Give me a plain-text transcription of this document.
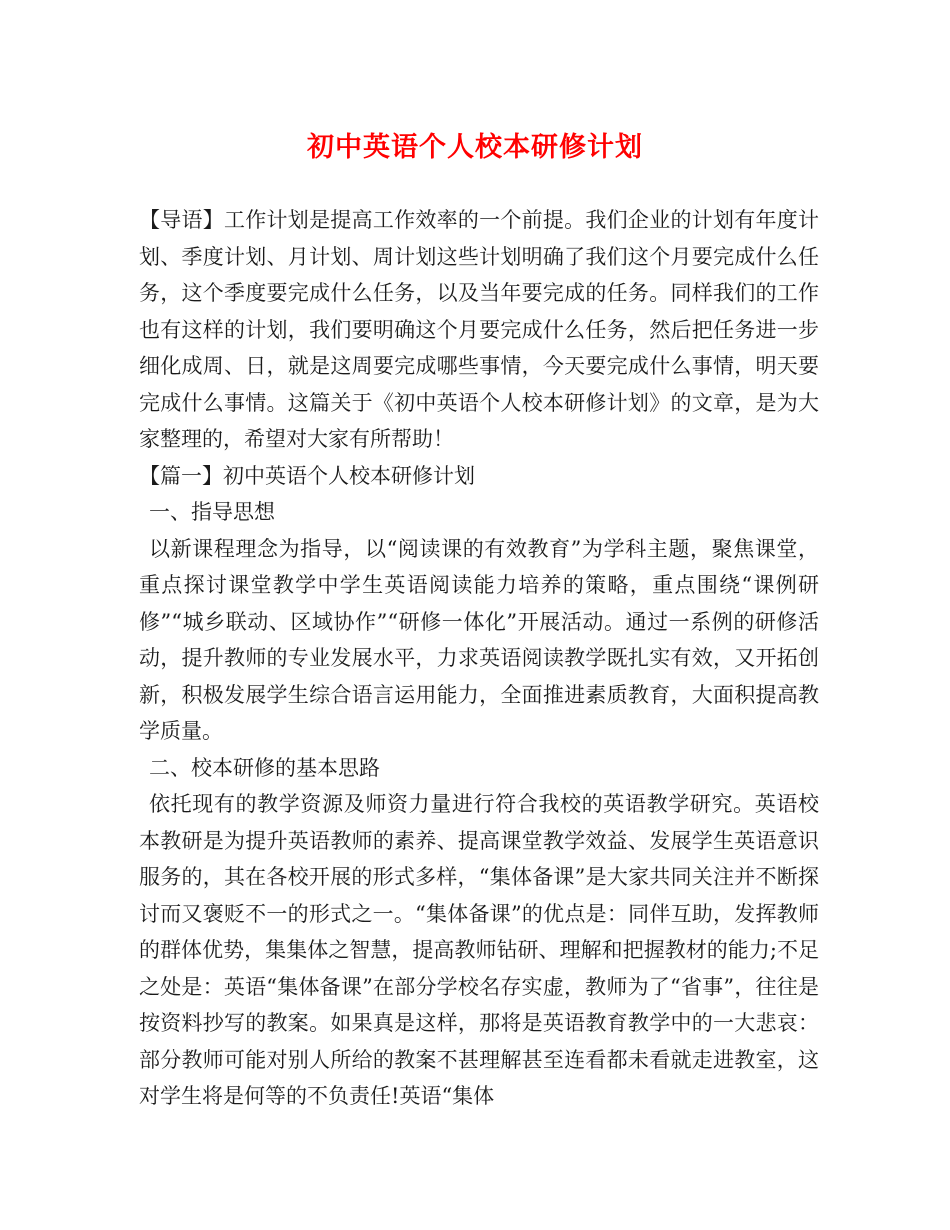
初中英语个人校本研修计划

【导语】工作计划是提高工作效率的一个前提。我们企业的计划有年度计划、季度计划、月计划、周计划这些计划明确了我们这个月要完成什么任务，这个季度要完成什么任务，以及当年要完成的任务。同样我们的工作也有这样的计划，我们要明确这个月要完成什么任务，然后把任务进一步细化成周、日，就是这周要完成哪些事情，今天要完成什么事情，明天要完成什么事情。这篇关于《初中英语个人校本研修计划》的文章，是为大家整理的，希望对大家有所帮助！

【篇一】初中英语个人校本研修计划

一、指导思想

以新课程理念为指导，以“阅读课的有效教育”为学科主题，聚焦课堂，重点探讨课堂教学中学生英语阅读能力培养的策略，重点围绕“课例研修”“城乡联动、区域协作”“研修一体化”开展活动。通过一系例的研修活动，提升教师的专业发展水平，力求英语阅读教学既扎实有效，又开拓创新，积极发展学生综合语言运用能力，全面推进素质教育，大面积提高教学质量。

二、校本研修的基本思路

依托现有的教学资源及师资力量进行符合我校的英语教学研究。英语校本教研是为提升英语教师的素养、提高课堂教学效益、发展学生英语意识服务的，其在各校开展的形式多样，“集体备课”是大家共同关注并不断探讨而又褒贬不一的形式之一。“集体备课”的优点是：同伴互助，发挥教师的群体优势，集集体之智慧，提高教师钻研、理解和把握教材的能力;不足之处是：英语“集体备课”在部分学校名存实虚，教师为了“省事”，往往是按资料抄写的教案。如果真是这样，那将是英语教育教学中的一大悲哀：部分教师可能对别人所给的教案不甚理解甚至连看都未看就走进教室，这对学生将是何等的不负责任!英语“集体
